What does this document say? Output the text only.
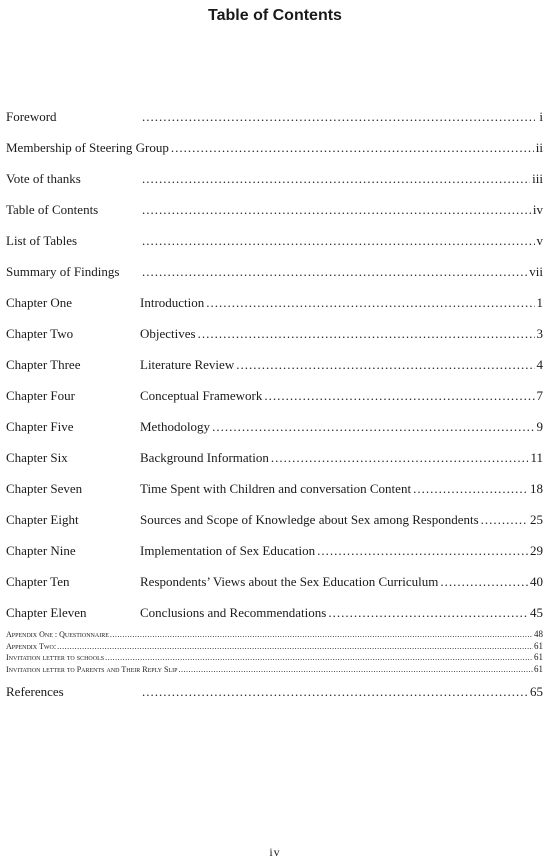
Table of Contents
Foreword .....	i
Membership of Steering Group .....	ii
Vote of thanks .....	iii
Table of Contents .....	iv
List of Tables .....	v
Summary of Findings .....	vii
Chapter One	Introduction .....	1
Chapter Two	Objectives .....	3
Chapter Three	Literature Review .....	4
Chapter Four	Conceptual Framework .....	7
Chapter Five	Methodology .....	9
Chapter Six	Background Information .....	11
Chapter Seven	Time Spent with Children and conversation Content .....	18
Chapter Eight	Sources and Scope of Knowledge about Sex among Respondents .....	25
Chapter Nine	Implementation of Sex Education .....	29
Chapter Ten	Respondents’ Views about the Sex Education Curriculum .....	40
Chapter Eleven	Conclusions and Recommendations .....	45
Appendix One : Questionnaire .....	48
Appendix Two: .....	61
Invitation letter to schools .....	61
Invitation letter to Parents and Their Reply Slip .....	61
References .....	65
iv
